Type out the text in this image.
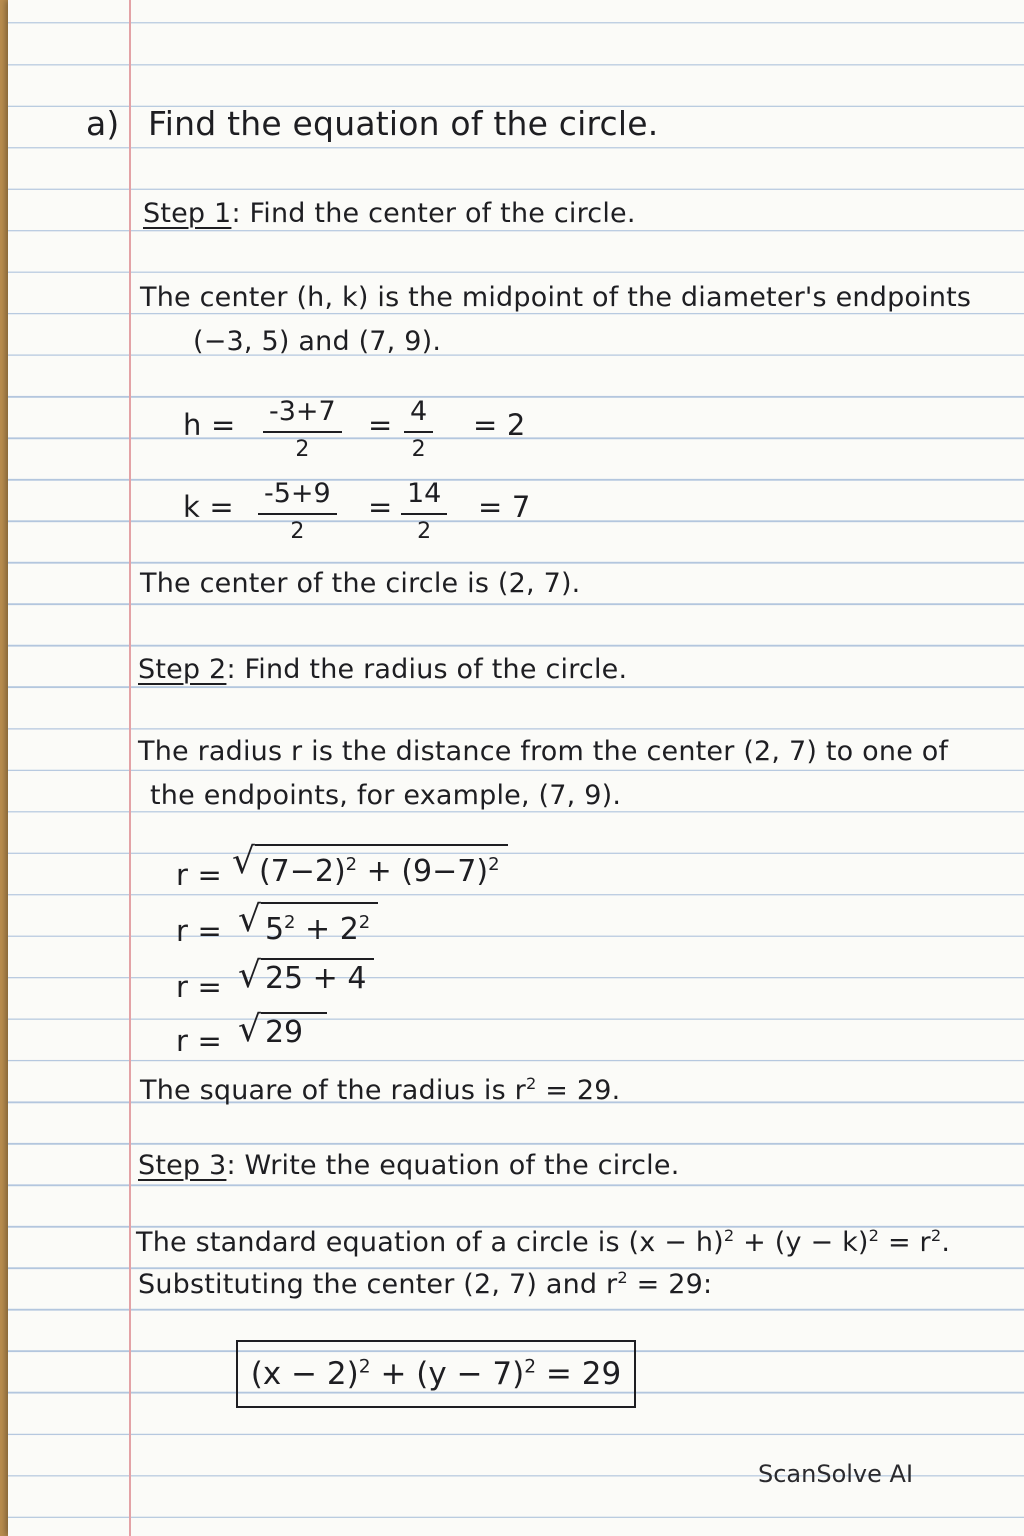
a) Find the equation of the circle.
Step 1: Find the center of the circle.
The center (h, k) is the midpoint of the diameter's endpoints
(−3, 5) and (7, 9).
h = -3+7
2
= 4
2
= 2
k = -5+9
2
= 14
2
= 7
The center of the circle is (2, 7).
Step 2: Find the radius of the circle.
The radius r is the distance from the center (2, 7) to one of
the endpoints, for example, (7, 9).
r = √ $(7-2)^2 + (9-7)^2$
r = √ $5^2 + 2^2$
r = √ 25 + 4
r = √ 29
The square of the radius is $r^2 = 29$.
Step 3: Write the equation of the circle.
The standard equation of a circle is $(x - h)^2 + (y - k)^2 = r^2$.
Substituting the center (2, 7) and $r^2 = 29$:
$(x - 2)^2 + (y - 7)^2 = 29$
ScanSolve AI
